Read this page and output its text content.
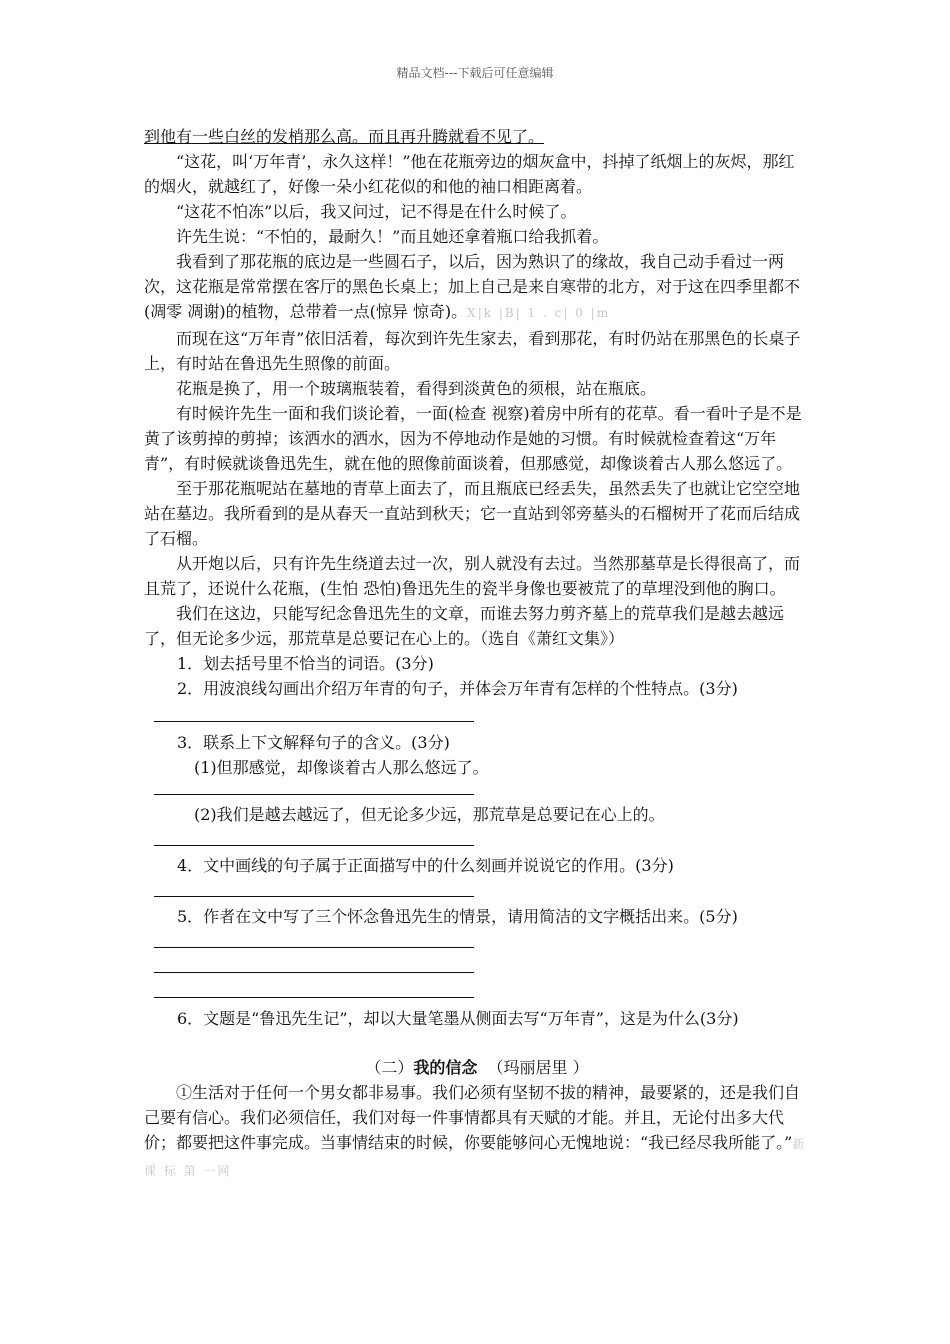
精品文档---下载后可任意编辑

到他有一些白丝的发梢那么高。而且再升腾就看不见了。

“这花，叫‘万年青’，永久这样！”他在花瓶旁边的烟灰盒中，抖掉了纸烟上的灰烬，那红的烟火，就越红了，好像一朵小红花似的和他的袖口相距离着。

“这花不怕冻”以后，我又问过，记不得是在什么时候了。

许先生说：“不怕的，最耐久！”而且她还拿着瓶口给我抓着。

我看到了那花瓶的底边是一些圆石子，以后，因为熟识了的缘故，我自己动手看过一两次，这花瓶是常常摆在客厅的黑色长桌上；加上自己是来自寒带的北方，对于这在四季里都不(凋零 凋谢)的植物，总带着一点(惊异 惊奇)。X|k |B| 1 . c| 0 |m

而现在这“万年青”依旧活着，每次到许先生家去，看到那花，有时仍站在那黑色的长桌子上，有时站在鲁迅先生照像的前面。

花瓶是换了，用一个玻璃瓶装着，看得到淡黄色的须根，站在瓶底。

有时候许先生一面和我们谈论着，一面(检查 视察)着房中所有的花草。看一看叶子是不是黄了该剪掉的剪掉；该洒水的洒水，因为不停地动作是她的习惯。有时候就检查着这“万年青”，有时候就谈鲁迅先生，就在他的照像前面谈着，但那感觉，却像谈着古人那么悠远了。

至于那花瓶呢站在墓地的青草上面去了，而且瓶底已经丢失，虽然丢失了也就让它空空地站在墓边。我所看到的是从春天一直站到秋天；它一直站到邻旁墓头的石榴树开了花而后结成了石榴。

从开炮以后，只有许先生绕道去过一次，别人就没有去过。当然那墓草是长得很高了，而且荒了，还说什么花瓶，(生怕 恐怕)鲁迅先生的瓷半身像也要被荒了的草埋没到他的胸口。

我们在这边，只能写纪念鲁迅先生的文章，而谁去努力剪齐墓上的荒草我们是越去越远了，但无论多少远，那荒草是总要记在心上的。（选自《萧红文集》）

1．划去括号里不恰当的词语。(3分)

2．用波浪线勾画出介绍万年青的句子，并体会万年青有怎样的个性特点。(3分)

3．联系上下文解释句子的含义。(3分)

(1)但那感觉，却像谈着古人那么悠远了。

(2)我们是越去越远了，但无论多少远，那荒草是总要记在心上的。

4．文中画线的句子属于正面描写中的什么刻画并说说它的作用。(3分)

5．作者在文中写了三个怀念鲁迅先生的情景，请用简洁的文字概括出来。(5分)

6．文题是“鲁迅先生记”，却以大量笔墨从侧面去写“万年青”，这是为什么(3分)

（二）我的信念 （玛丽居里 ）

①生活对于任何一个男女都非易事。我们必须有坚韧不拔的精神，最要紧的，还是我们自己要有信心。我们必须信任，我们对每一件事情都具有天赋的才能。并且，无论付出多大代价；都要把这件事完成。当事情结束的时候，你要能够问心无愧地说：“我已经尽我所能了。”新 课 标 第 一网
